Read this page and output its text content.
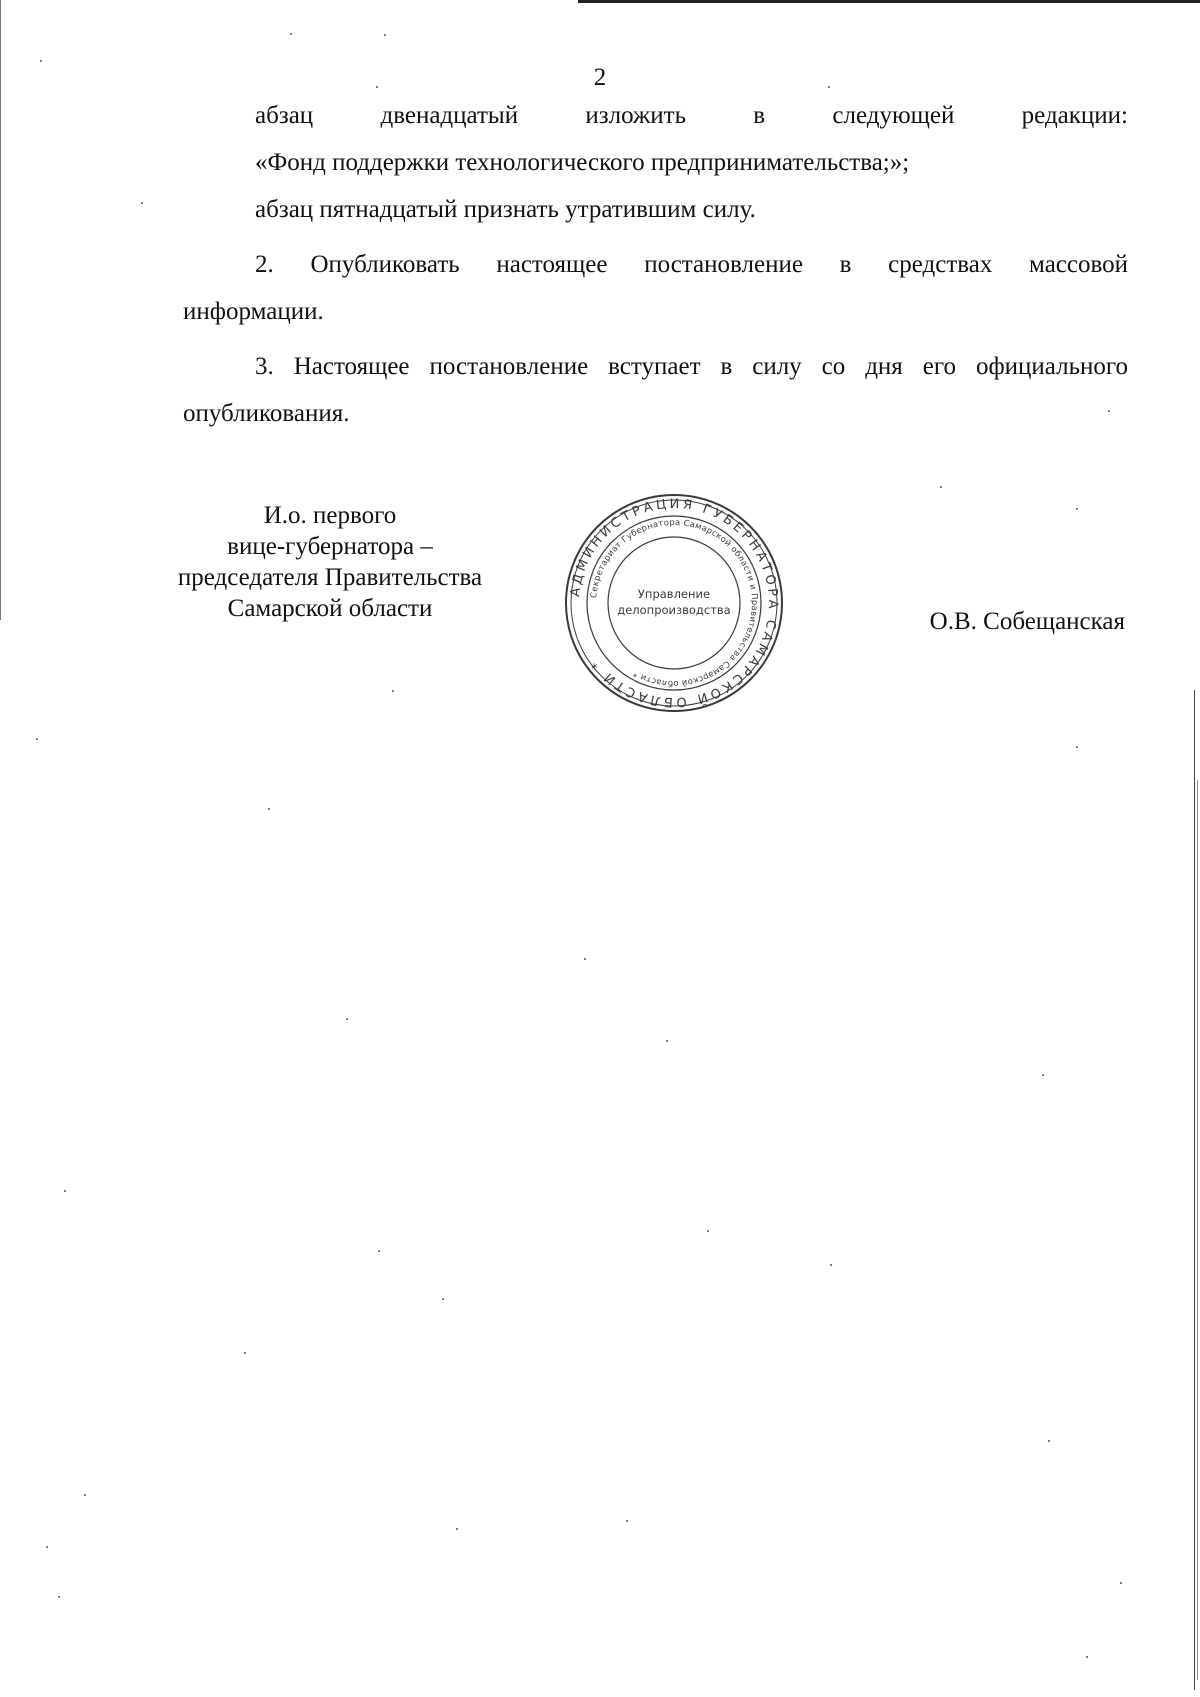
2
абзац двенадцатый изложить в следующей редакции:
«Фонд поддержки технологического предпринимательства;»;
абзац пятнадцатый признать утратившим силу.
2. Опубликовать настоящее постановление в средствах массовой
информации.
3. Настоящее постановление вступает в силу со дня его официального
опубликования.
И.о. первого
вице-губернатора –
председателя Правительства
Самарской области
АДМИНИСТРАЦИЯ ГУБЕРНАТОРА САМАРСКОЙ ОБЛАСТИ *
Секретариат Губернатора Самарской области и Правительства Самарской области *
Управление
делопроизводства	О.В. Собещанская
